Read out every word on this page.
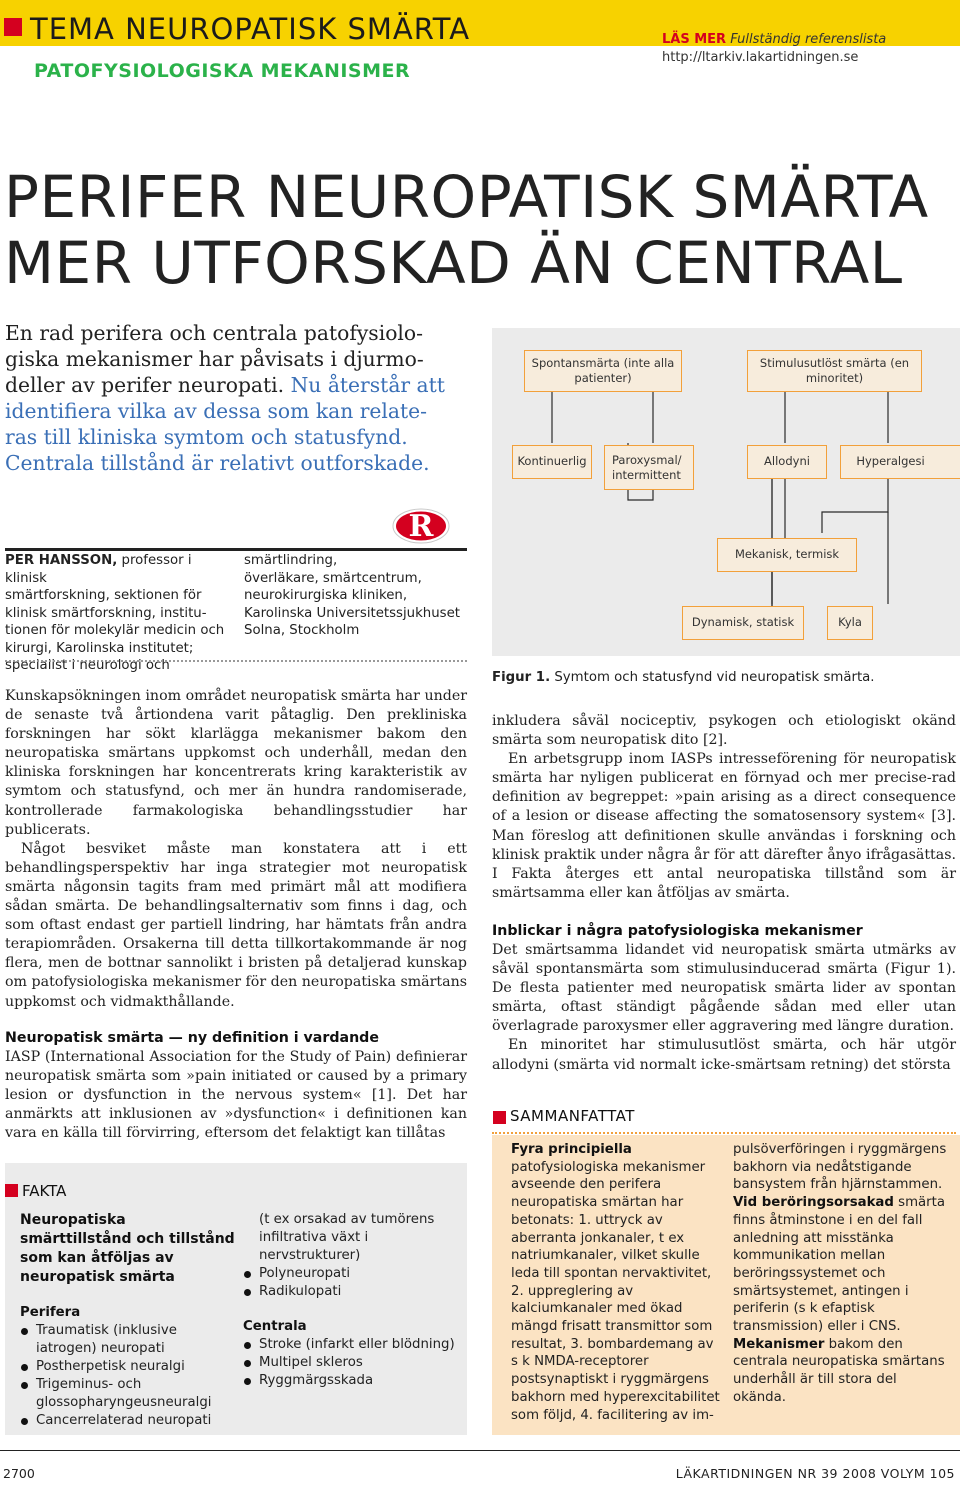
TEMA NEUROPATISK SMÄRTA
PATOFYSIOLOGISKA MEKANISMER
LÄS MER Fullständig referenslista
http://ltarkiv.lakartidningen.se
PERIFER NEUROPATISK SMÄRTA
MER UTFORSKAD ÄN CENTRAL
En rad perifera och centrala patofysiolo-
giska mekanismer har påvisats i djurmo-
deller av perifer neuropati. Nu återstår att
identifiera vilka av dessa som kan relate-
ras till kliniska symtom och statusfynd.
Centrala tillstånd är relativt outforskade.
R
PER HANSSON, professor i klinisk
smärtforskning, sektionen för
klinisk smärtforskning, institu-
tionen för molekylär medicin och
kirurgi, Karolinska institutet;
specialist i neurologi och
smärtlindring,
överläkare, smärtcentrum,
neurokirurgiska kliniken,
Karolinska Universitetssjukhuset
Solna, Stockholm

Kunskapsökningen inom området neuropatisk smärta har under de senaste två årtiondena varit påtaglig. Den prekliniska forskningen har sökt klarlägga mekanismer bakom den neuropatiska smärtans uppkomst och underhåll, medan den kliniska forskningen har koncentrerats kring karakteristik av symtom och statusfynd, och mer än hundra randomiserade, kontrollerade farmakologiska behandlingsstudier har publicerats.

Något besviket måste man konstatera att i ett behandlingsperspektiv har inga strategier mot neuropatisk smärta någonsin tagits fram med primärt mål att modifiera sådan smärta. De behandlingsalternativ som finns i dag, och som oftast endast ger partiell lindring, har hämtats från andra terapiområden. Orsakerna till detta tillkortakommande är nog flera, men de bottnar sannolikt i bristen på detaljerad kunskap om patofysiologiska mekanismer för den neuropatiska smärtans uppkomst och vidmakthållande.

Neuropatisk smärta — ny definition i vardande

IASP (International Association for the Study of Pain) definierar neuropatisk smärta som »pain initiated or caused by a primary lesion or dysfunction in the nervous system« [1]. Det har anmärkts att inklusionen av »dysfunction« i definitionen kan vara en källa till förvirring, eftersom det felaktigt kan tillåtas

Spontansmärta (inte alla patienter)
Stimulusutlöst smärta (en minoritet)
Kontinuerlig	Paroxysmal/ intermittent
Allodyni	Hyperalgesi
Mekanisk, termisk
Dynamisk, statisk	Kyla
Figur 1. Symtom och statusfynd vid neuropatisk smärta.

inkludera såväl nociceptiv, psykogen och etiologiskt okänd smärta som neuropatisk dito [2].

En arbetsgrupp inom IASPs intresseförening för neuropatisk smärta har nyligen publicerat en förnyad och mer precise-rad definition av begreppet: »pain arising as a direct consequence of a lesion or disease affecting the somatosensory system« [3]. Man föreslog att definitionen skulle användas i forskning och klinisk praktik under några år för att därefter ånyo ifrågasättas. I Fakta återges ett antal neuropatiska tillstånd som är smärtsamma eller kan åtföljas av smärta.

Inblickar i några patofysiologiska mekanismer

Det smärtsamma lidandet vid neuropatisk smärta utmärks av såväl spontansmärta som stimulusinducerad smärta (Figur 1). De flesta patienter med neuropatisk smärta lider av spontan smärta, oftast ständigt pågående sådan med eller utan överlagrade paroxysmer eller aggravering med längre duration.

En minoritet har stimulusutlöst smärta, och här utgör allodyni (smärta vid normalt icke-smärtsam retning) det största

FAKTA
Neuropatiska smärttillstånd och tillstånd som kan åtföljas av neuropatisk smärta
Perifera
Traumatisk (inklusive iatrogen) neuropati
Postherpetisk neuralgi
Trigeminus- och glossopharyngeusneuralgi
Cancerrelaterad neuropati
(t ex orsakad av tumörens infiltrativa växt i nervstrukturer)
Polyneuropati
Radikulopati
Centrala
Stroke (infarkt eller blödning)
Multipel skleros
Ryggmärgsskada
SAMMANFATTAT
Fyra principiella patofysiologiska mekanismer avseende den perifera neuropatiska smärtan har betonats: 1. uttryck av aberranta jonkanaler, t ex natriumkanaler, vilket skulle leda till spontan nervaktivitet, 2. uppreglering av kalciumkanaler med ökad mängd frisatt transmittor som resultat, 3. bombardemang av s k NMDA-receptorer postsynaptiskt i ryggmärgens bakhorn med hyperexcitabilitet som följd, 4. facilitering av im-
pulsöverföringen i ryggmärgens bakhorn via nedåtstigande bansystem från hjärnstammen. Vid beröringsorsakad smärta finns åtminstone i en del fall anledning att misstänka kommunikation mellan beröringssystemet och smärtsystemet, antingen i periferin (s k efaptisk transmission) eller i CNS. Mekanismer bakom den centrala neuropatiska smärtans underhåll är till stora del okända.
2700	LÄKARTIDNINGEN NR 39 2008 VOLYM 105
